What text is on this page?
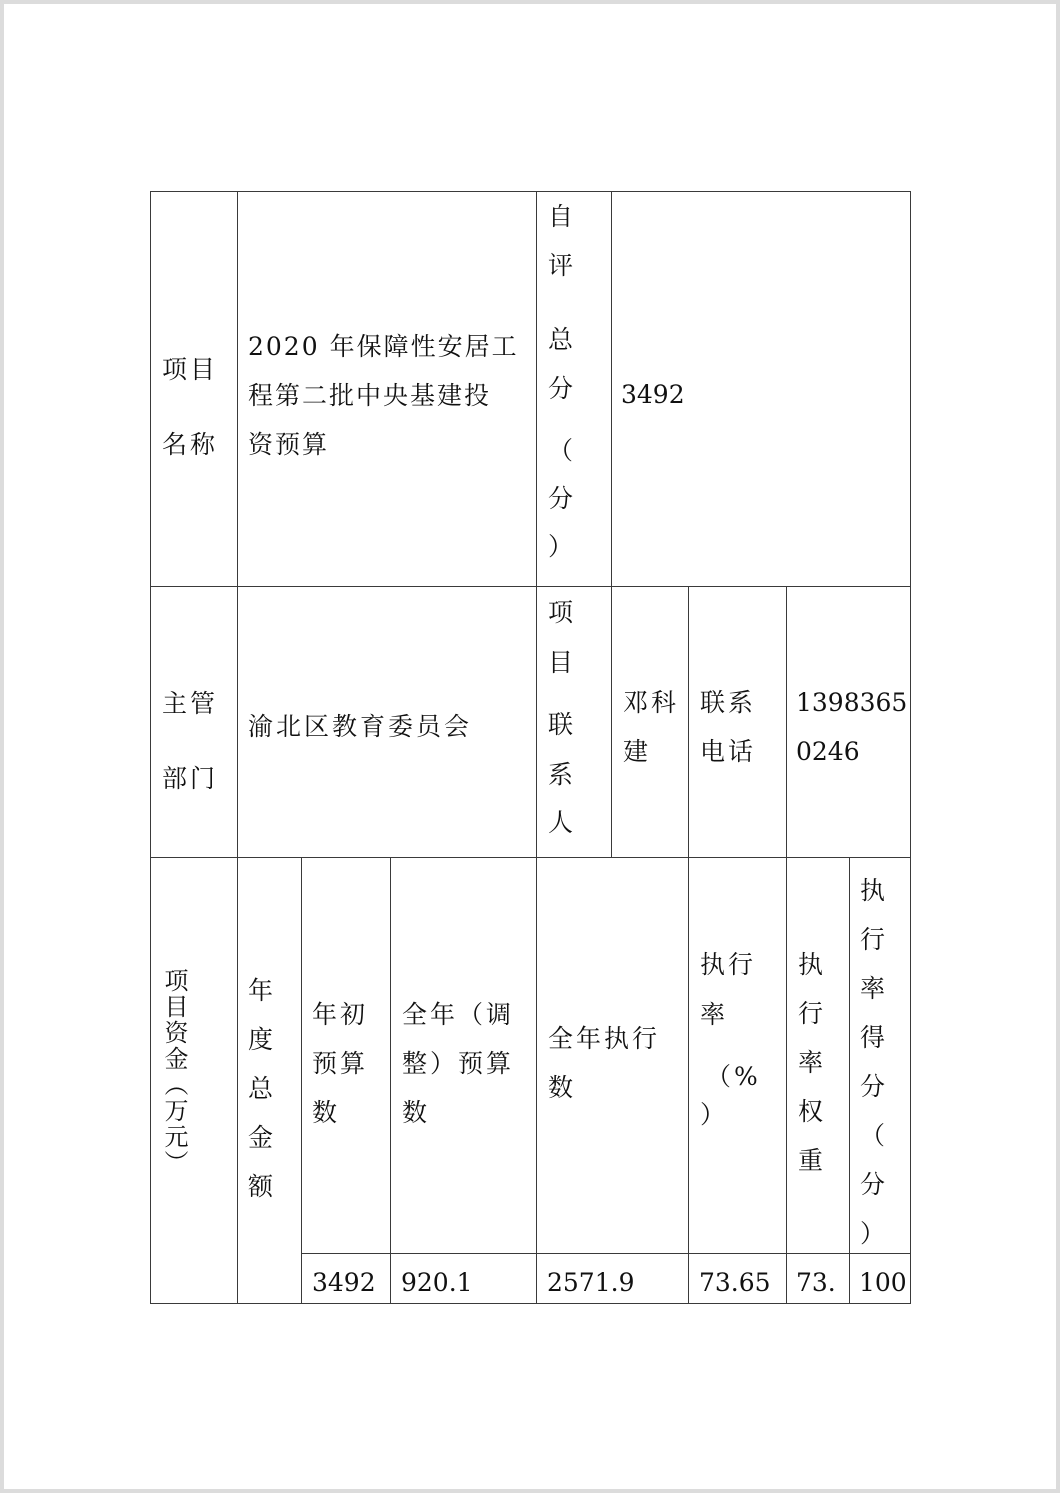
项目
名称
2020 年保障性安居工
程第二批中央基建投
资预算
自
评
总
分
（
分
）
3492
主管
部门
渝北区教育委员会
项
目
联
系
人
邓科
建
联系
电话
1398365
0246
项目资金（万元） 年
度
总
金
额
年初
预算
数
全年（调
整）预算
数
全年执行
数
执行
率
（%
）
执
行
率
权
重
执
行
率
得
分
（
分
）
3492 920.1	2571.9	73.65 73. 100
